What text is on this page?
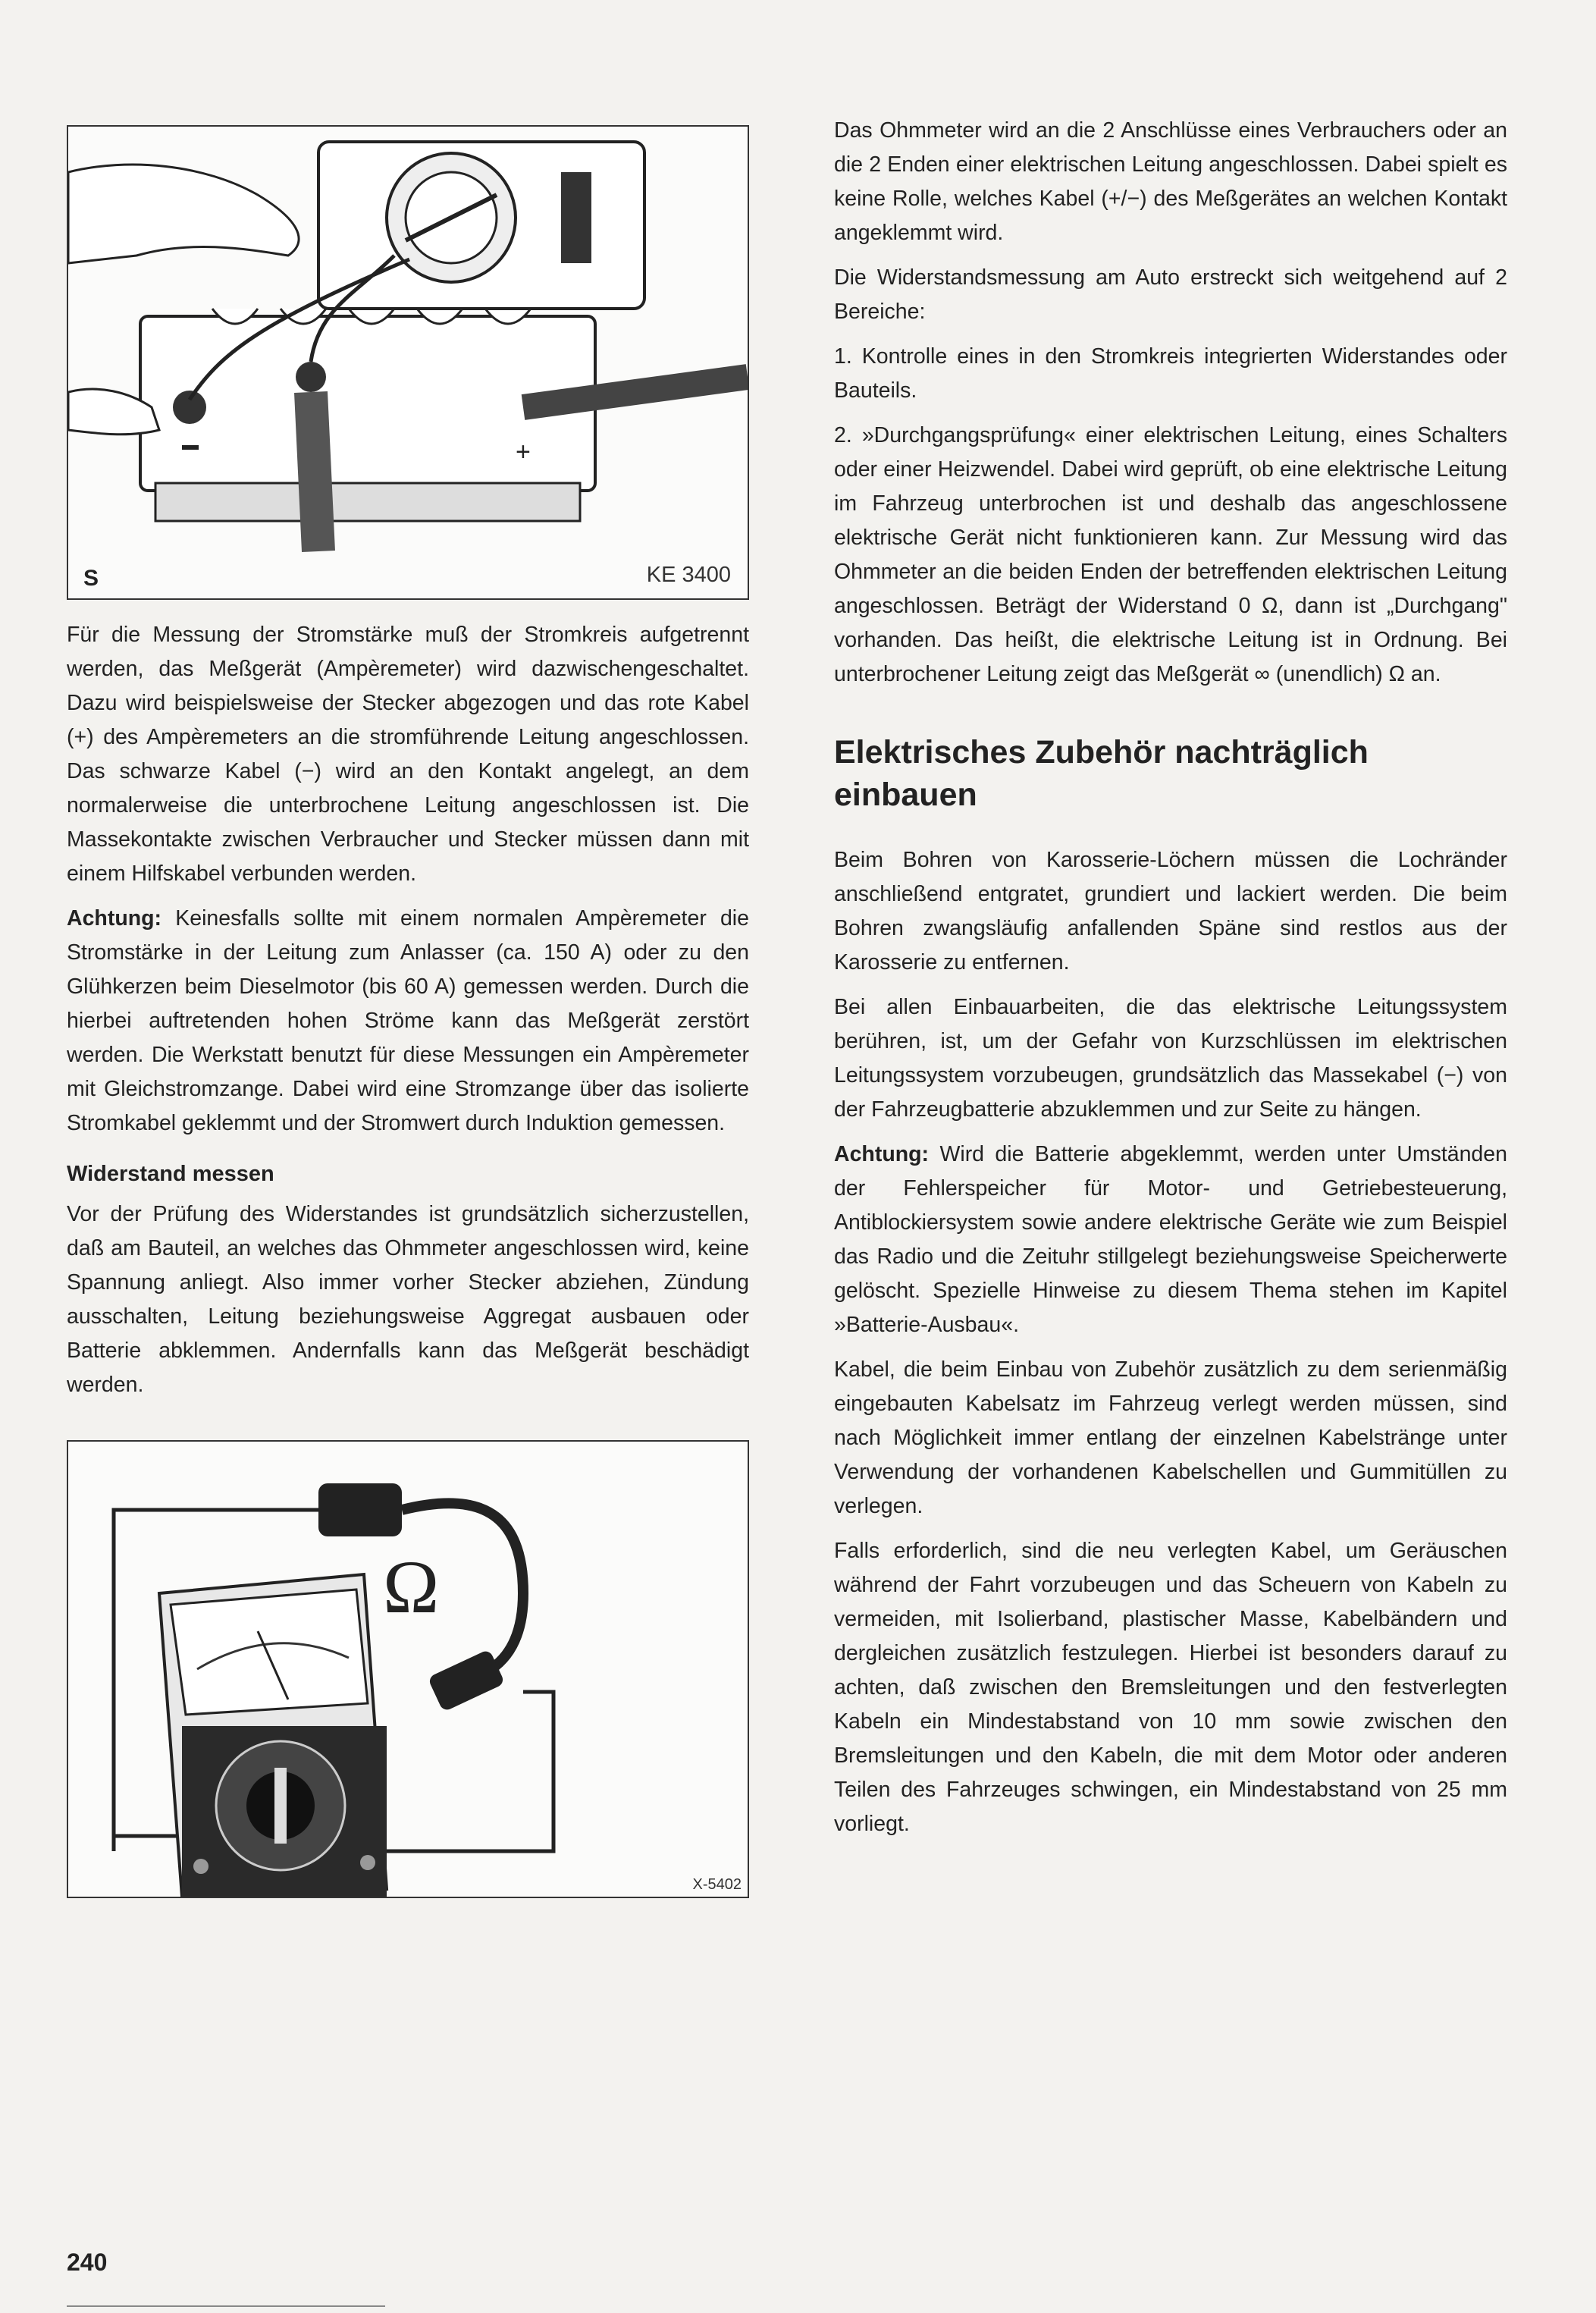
+
S	KE 3400

Für die Messung der Stromstärke muß der Stromkreis aufgetrennt werden, das Meßgerät (Ampèremeter) wird dazwischengeschaltet. Dazu wird beispielsweise der Stecker abgezogen und das rote Kabel (+) des Ampèremeters an die stromführende Leitung angeschlossen. Das schwarze Kabel (−) wird an den Kontakt angelegt, an dem normalerweise die unterbrochene Leitung angeschlossen ist. Die Massekontakte zwischen Verbraucher und Stecker müssen dann mit einem Hilfskabel verbunden werden.

Achtung: Keinesfalls sollte mit einem normalen Ampèremeter die Stromstärke in der Leitung zum Anlasser (ca. 150 A) oder zu den Glühkerzen beim Dieselmotor (bis 60 A) gemessen werden. Durch die hierbei auftretenden hohen Ströme kann das Meßgerät zerstört werden. Die Werkstatt benutzt für diese Messungen ein Ampèremeter mit Gleichstromzange. Dabei wird eine Stromzange über das isolierte Stromkabel geklemmt und der Stromwert durch Induktion gemessen.

Widerstand messen

Vor der Prüfung des Widerstandes ist grundsätzlich sicherzustellen, daß am Bauteil, an welches das Ohmmeter angeschlossen wird, keine Spannung anliegt. Also immer vorher Stecker abziehen, Zündung ausschalten, Leitung beziehungsweise Aggregat ausbauen oder Batterie abklemmen. Andernfalls kann das Meßgerät beschädigt werden.

Ω
X-5402

Das Ohmmeter wird an die 2 Anschlüsse eines Verbrauchers oder an die 2 Enden einer elektrischen Leitung angeschlossen. Dabei spielt es keine Rolle, welches Kabel (+/−) des Meßgerätes an welchen Kontakt angeklemmt wird.

Die Widerstandsmessung am Auto erstreckt sich weitgehend auf 2 Bereiche:

1. Kontrolle eines in den Stromkreis integrierten Widerstandes oder Bauteils.

2. »Durchgangsprüfung« einer elektrischen Leitung, eines Schalters oder einer Heizwendel. Dabei wird geprüft, ob eine elektrische Leitung im Fahrzeug unterbrochen ist und deshalb das angeschlossene elektrische Gerät nicht funktionieren kann. Zur Messung wird das Ohmmeter an die beiden Enden der betreffenden elektrischen Leitung angeschlossen. Beträgt der Widerstand 0 Ω, dann ist „Durchgang" vorhanden. Das heißt, die elektrische Leitung ist in Ordnung. Bei unterbrochener Leitung zeigt das Meßgerät ∞ (unendlich) Ω an.

Elektrisches Zubehör nachträglich einbauen

Beim Bohren von Karosserie-Löchern müssen die Lochränder anschließend entgratet, grundiert und lackiert werden. Die beim Bohren zwangsläufig anfallenden Späne sind restlos aus der Karosserie zu entfernen.

Bei allen Einbauarbeiten, die das elektrische Leitungssystem berühren, ist, um der Gefahr von Kurzschlüssen im elektrischen Leitungssystem vorzubeugen, grundsätzlich das Massekabel (−) von der Fahrzeugbatterie abzuklemmen und zur Seite zu hängen.

Achtung: Wird die Batterie abgeklemmt, werden unter Umständen der Fehlerspeicher für Motor- und Getriebesteuerung, Antiblockiersystem sowie andere elektrische Geräte wie zum Beispiel das Radio und die Zeituhr stillgelegt beziehungsweise Speicherwerte gelöscht. Spezielle Hinweise zu diesem Thema stehen im Kapitel »Batterie-Ausbau«.

Kabel, die beim Einbau von Zubehör zusätzlich zu dem serienmäßig eingebauten Kabelsatz im Fahrzeug verlegt werden müssen, sind nach Möglichkeit immer entlang der einzelnen Kabelstränge unter Verwendung der vorhandenen Kabelschellen und Gummitüllen zu verlegen.

Falls erforderlich, sind die neu verlegten Kabel, um Geräuschen während der Fahrt vorzubeugen und das Scheuern von Kabeln zu vermeiden, mit Isolierband, plastischer Masse, Kabelbändern und dergleichen zusätzlich festzulegen. Hierbei ist besonders darauf zu achten, daß zwischen den Bremsleitungen und den festverlegten Kabeln ein Mindestabstand von 10 mm sowie zwischen den Bremsleitungen und den Kabeln, die mit dem Motor oder anderen Teilen des Fahrzeuges schwingen, ein Mindestabstand von 25 mm vorliegt.

240
